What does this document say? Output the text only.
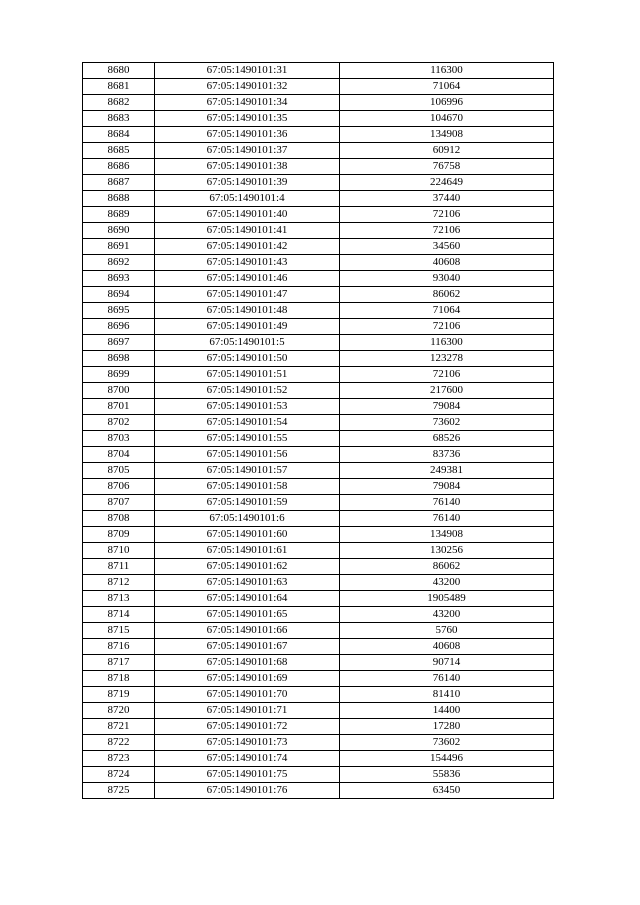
8680	67:05:1490101:31	116300
8681	67:05:1490101:32	71064
8682	67:05:1490101:34	106996
8683	67:05:1490101:35	104670
8684	67:05:1490101:36	134908
8685	67:05:1490101:37	60912
8686	67:05:1490101:38	76758
8687	67:05:1490101:39	224649
8688	67:05:1490101:4	37440
8689	67:05:1490101:40	72106
8690	67:05:1490101:41	72106
8691	67:05:1490101:42	34560
8692	67:05:1490101:43	40608
8693	67:05:1490101:46	93040
8694	67:05:1490101:47	86062
8695	67:05:1490101:48	71064
8696	67:05:1490101:49	72106
8697	67:05:1490101:5	116300
8698	67:05:1490101:50	123278
8699	67:05:1490101:51	72106
8700	67:05:1490101:52	217600
8701	67:05:1490101:53	79084
8702	67:05:1490101:54	73602
8703	67:05:1490101:55	68526
8704	67:05:1490101:56	83736
8705	67:05:1490101:57	249381
8706	67:05:1490101:58	79084
8707	67:05:1490101:59	76140
8708	67:05:1490101:6	76140
8709	67:05:1490101:60	134908
8710	67:05:1490101:61	130256
8711	67:05:1490101:62	86062
8712	67:05:1490101:63	43200
8713	67:05:1490101:64	1905489
8714	67:05:1490101:65	43200
8715	67:05:1490101:66	5760
8716	67:05:1490101:67	40608
8717	67:05:1490101:68	90714
8718	67:05:1490101:69	76140
8719	67:05:1490101:70	81410
8720	67:05:1490101:71	14400
8721	67:05:1490101:72	17280
8722	67:05:1490101:73	73602
8723	67:05:1490101:74	154496
8724	67:05:1490101:75	55836
8725	67:05:1490101:76	63450
